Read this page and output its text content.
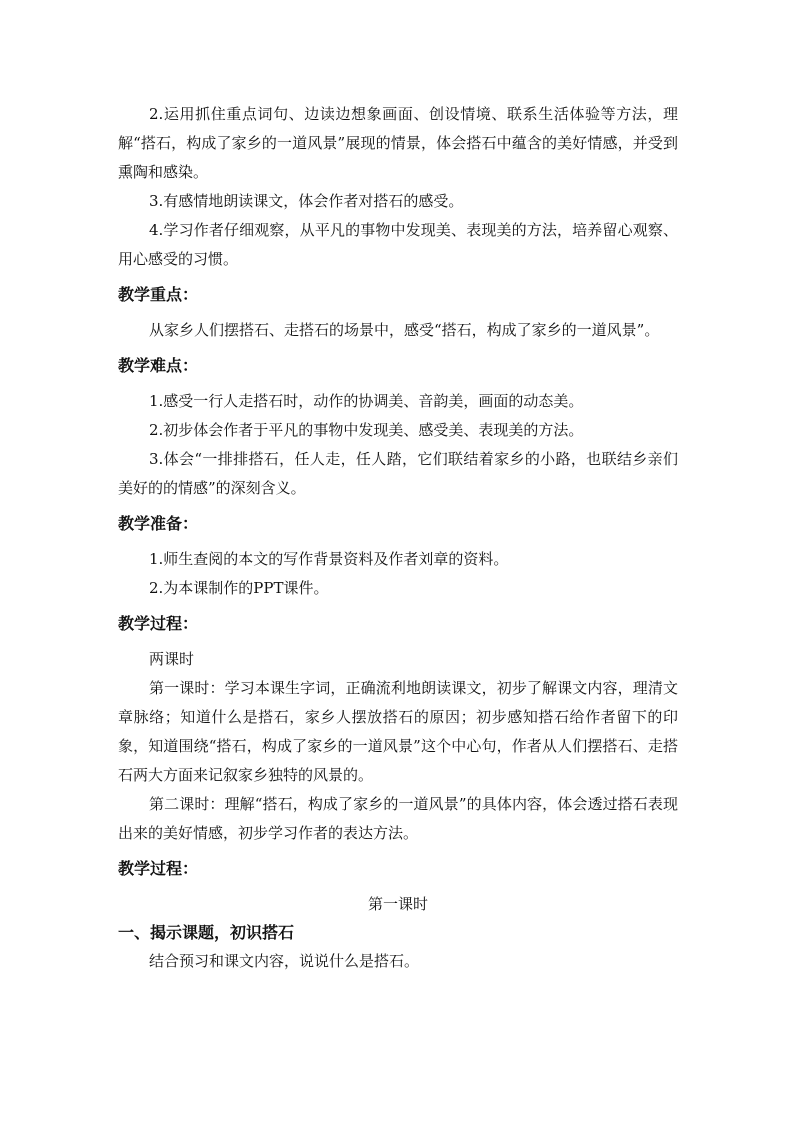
2.运用抓住重点词句、边读边想象画面、创设情境、联系生活体验等方法，理解“搭石，构成了家乡的一道风景”展现的情景，体会搭石中蕴含的美好情感，并受到熏陶和感染。

3.有感情地朗读课文，体会作者对搭石的感受。

4.学习作者仔细观察，从平凡的事物中发现美、表现美的方法，培养留心观察、用心感受的习惯。

教学重点：

从家乡人们摆搭石、走搭石的场景中，感受“搭石，构成了家乡的一道风景”。

教学难点：

1.感受一行人走搭石时，动作的协调美、音韵美，画面的动态美。

2.初步体会作者于平凡的事物中发现美、感受美、表现美的方法。

3.体会“一排排搭石，任人走，任人踏，它们联结着家乡的小路，也联结乡亲们美好的的情感”的深刻含义。

教学准备：

1.师生查阅的本文的写作背景资料及作者刘章的资料。

2.为本课制作的PPT课件。

教学过程：

两课时

第一课时：学习本课生字词，正确流利地朗读课文，初步了解课文内容，理清文章脉络；知道什么是搭石，家乡人摆放搭石的原因；初步感知搭石给作者留下的印象，知道围绕“搭石，构成了家乡的一道风景”这个中心句，作者从人们摆搭石、走搭石两大方面来记叙家乡独特的风景的。

第二课时：理解“搭石，构成了家乡的一道风景”的具体内容，体会透过搭石表现出来的美好情感，初步学习作者的表达方法。

教学过程：

第一课时

一、揭示课题，初识搭石

结合预习和课文内容，说说什么是搭石。
